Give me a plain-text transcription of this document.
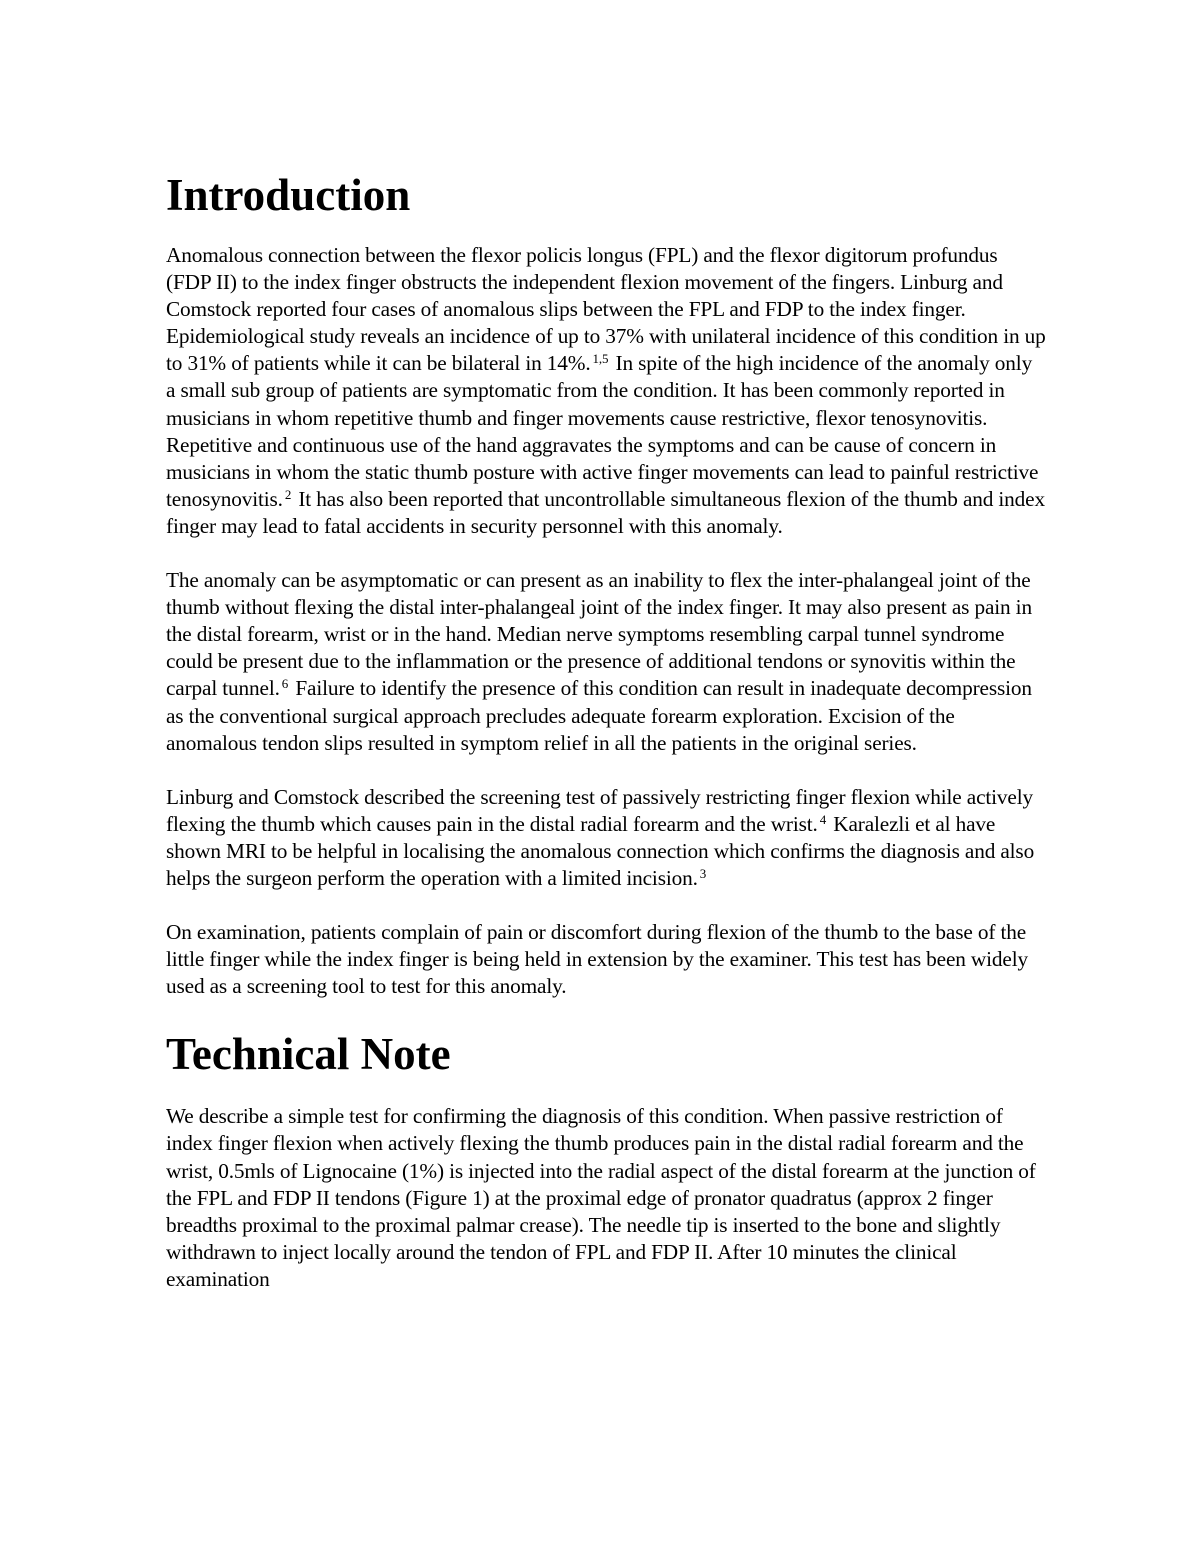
Introduction

Anomalous connection between the flexor policis longus (FPL) and the flexor digitorum profundus (FDP II) to the index finger obstructs the independent flexion movement of the fingers. Linburg and Comstock reported four cases of anomalous slips between the FPL and FDP to the index finger. Epidemiological study reveals an incidence of up to 37% with unilateral incidence of this condition in up to 31% of patients while it can be bilateral in 14%. $^{1,5}$ In spite of the high incidence of the anomaly only a small sub group of patients are symptomatic from the condition. It has been commonly reported in musicians in whom repetitive thumb and finger movements cause restrictive, flexor tenosynovitis. Repetitive and continuous use of the hand aggravates the symptoms and can be cause of concern in musicians in whom the static thumb posture with active finger movements can lead to painful restrictive tenosynovitis. $^2$ It has also been reported that uncontrollable simultaneous flexion of the thumb and index finger may lead to fatal accidents in security personnel with this anomaly.

The anomaly can be asymptomatic or can present as an inability to flex the inter-phalangeal joint of the thumb without flexing the distal inter-phalangeal joint of the index finger. It may also present as pain in the distal forearm, wrist or in the hand. Median nerve symptoms resembling carpal tunnel syndrome could be present due to the inflammation or the presence of additional tendons or synovitis within the carpal tunnel. $^6$ Failure to identify the presence of this condition can result in inadequate decompression as the conventional surgical approach precludes adequate forearm exploration. Excision of the anomalous tendon slips resulted in symptom relief in all the patients in the original series.

Linburg and Comstock described the screening test of passively restricting finger flexion while actively flexing the thumb which causes pain in the distal radial forearm and the wrist. $^4$ Karalezli et al have shown MRI to be helpful in localising the anomalous connection which confirms the diagnosis and also helps the surgeon perform the operation with a limited incision. $^3$

On examination, patients complain of pain or discomfort during flexion of the thumb to the base of the little finger while the index finger is being held in extension by the examiner. This test has been widely used as a screening tool to test for this anomaly.

Technical Note

We describe a simple test for confirming the diagnosis of this condition. When passive restriction of index finger flexion when actively flexing the thumb produces pain in the distal radial forearm and the wrist, 0.5mls of Lignocaine (1%) is injected into the radial aspect of the distal forearm at the junction of the FPL and FDP II tendons (Figure 1) at the proximal edge of pronator quadratus (approx 2 finger breadths proximal to the proximal palmar crease). The needle tip is inserted to the bone and slightly withdrawn to inject locally around the tendon of FPL and FDP II. After 10 minutes the clinical examination
